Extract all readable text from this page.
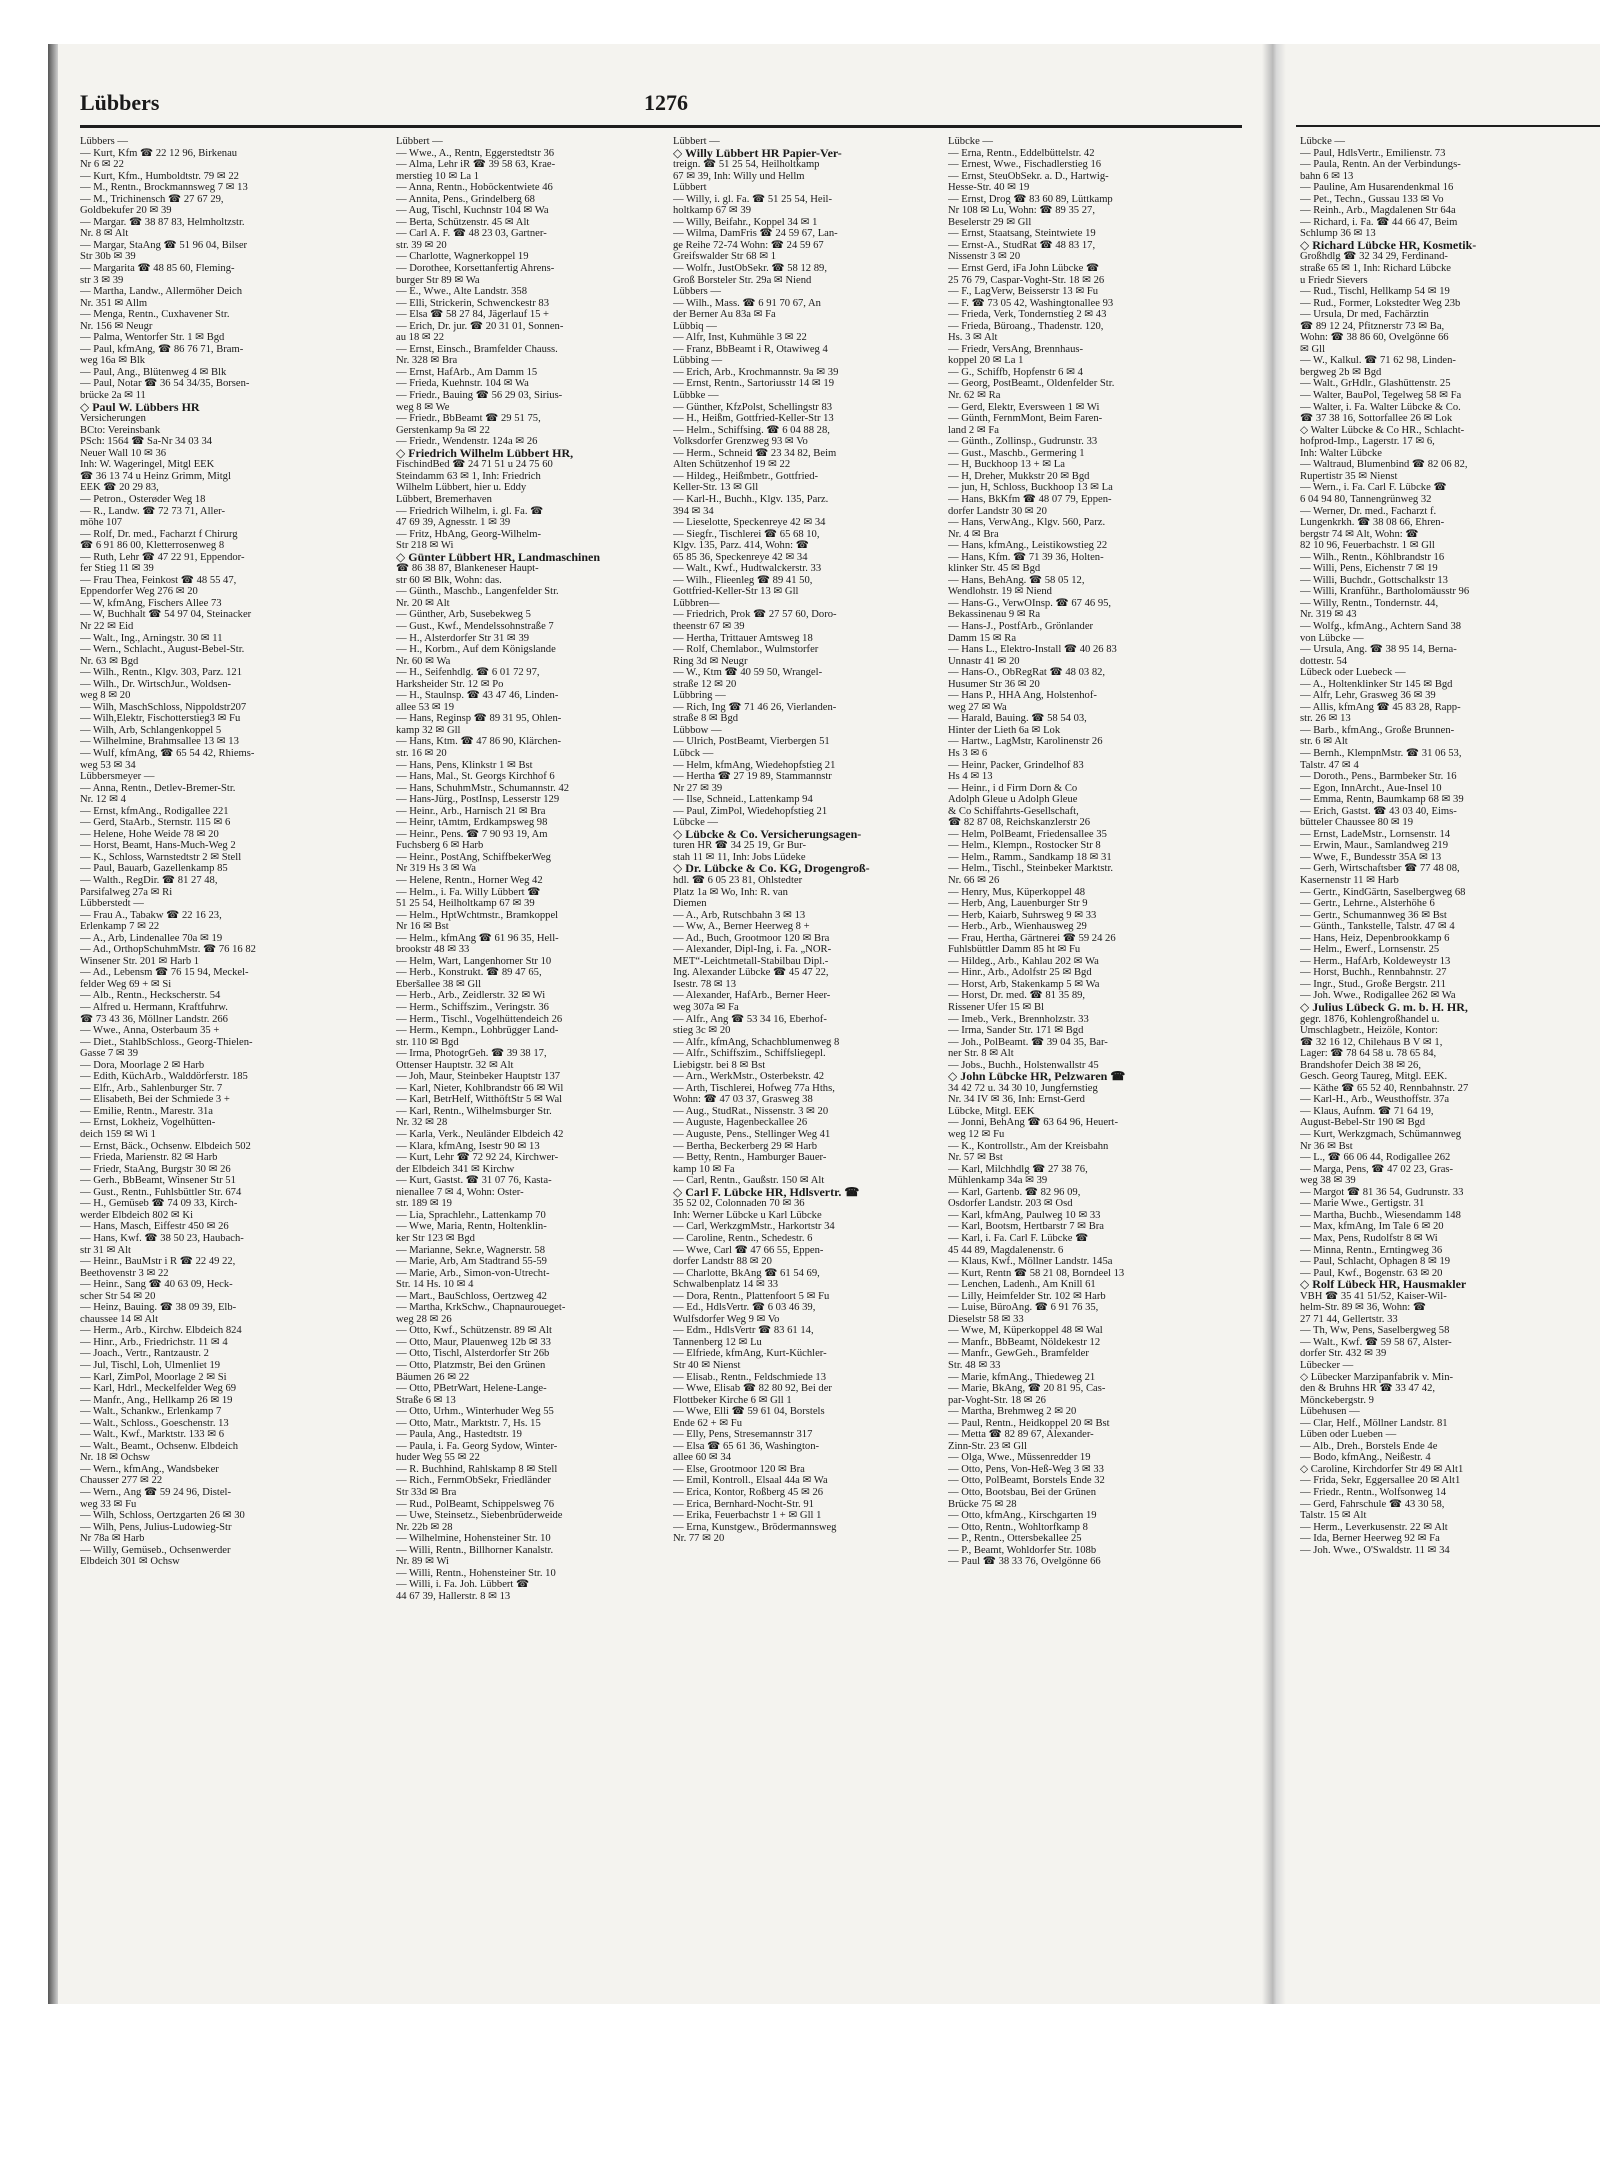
Lübbers	1276
Lübbers —
— Kurt, Kfm ☎ 22 12 96, Birkenau
Nr 6 ✉ 22
— Kurt, Kfm., Humboldtstr. 79 ✉ 22
— M., Rentn., Brockmannsweg 7 ✉ 13
— M., Trichinensch ☎ 27 67 29,
Goldbekufer 20 ✉ 39
— Margar. ☎ 38 87 83, Helmholtzstr.
Nr. 8 ✉ Alt
— Margar, StaAng ☎ 51 96 04, Bilser
Str 30b ✉ 39
— Margarita ☎ 48 85 60, Fleming-
str 3 ✉ 39
— Martha, Landw., Allermöher Deich
Nr. 351 ✉ Allm
— Menga, Rentn., Cuxhavener Str.
Nr. 156 ✉ Neugr
— Palma, Wentorfer Str. 1 ✉ Bgd
— Paul, kfmAng, ☎ 86 76 71, Bram-
weg 16a ✉ Blk
— Paul, Ang., Blütenweg 4 ✉ Blk
— Paul, Notar ☎ 36 54 34/35, Borsen-
brücke 2a ✉ 11
◇ Paul W. Lübbers HR
Versicherungen
BCto: Vereinsbank
PSch: 1564 ☎ Sa-Nr 34 03 34
Neuer Wall 10 ✉ 36
Inh: W. Wageringel, Mitgl EEK
☎ 36 13 74 u Heinz Grimm, Mitgl
EEK ☎ 20 29 83,
— Petron., Osterøder Weg 18
— R., Landw. ☎ 72 73 71, Aller-
möhe 107
— Rolf, Dr. med., Facharzt f Chirurg
☎ 6 91 86 00, Kletterrosenweg 8
— Ruth, Lehr ☎ 47 22 91, Eppendor-
fer Stieg 11 ✉ 39
— Frau Thea, Feinkost ☎ 48 55 47,
Eppendorfer Weg 276 ✉ 20
— W, kfmAng, Fischers Allee 73
— W, Buchhalt ☎ 54 97 04, Steinacker
Nr 22 ✉ Eid
— Walt., Ing., Arningstr. 30 ✉ 11
— Wern., Schlacht., August-Bebel-Str.
Nr. 63 ✉ Bgd
— Wilh., Rentn., Klgv. 303, Parz. 121
— Wilh., Dr. WirtschJur., Woldsen-
weg 8 ✉ 20
— Wilh, MaschSchloss, Nippoldstr207
— Wilh,Elektr, Fischotterstieg3 ✉ Fu
— Wilh, Arb, Schlangenkoppel 5
— Wilhelmine, Brahmsallee 13 ✉ 13
— Wulf, kfmAng, ☎ 65 54 42, Rhiems-
weg 53 ✉ 34
Lübbersmeyer —
— Anna, Rentn., Detlev-Bremer-Str.
Nr. 12 ✉ 4
— Ernst, kfmAng., Rodigallee 221
— Gerd, StaArb., Sternstr. 115 ✉ 6
— Helene, Hohe Weide 78 ✉ 20
— Horst, Beamt, Hans-Much-Weg 2
— K., Schloss, Warnstedtstr 2 ✉ Stell
— Paul, Bauarb, Gazellenkamp 85
— Walth., RegDir. ☎ 81 27 48,
Parsifalweg 27a ✉ Ri
Lübberstedt —
— Frau A., Tabakw ☎ 22 16 23,
Erlenkamp 7 ✉ 22
— A., Arb, Lindenallee 70a ✉ 19
— Ad., OrthopSchuhmMstr. ☎ 76 16 82
Winsener Str. 201 ✉ Harb 1
— Ad., Lebensm ☎ 76 15 94, Meckel-
felder Weg 69 + ✉ Si
— Alb., Rentn., Heckscherstr. 54
— Alfred u. Hermann, Kraftfuhrw.
☎ 73 43 36, Möllner Landstr. 266
— Wwe., Anna, Osterbaum 35 +
— Diet., StahlbSchloss., Georg-Thielen-
Gasse 7 ✉ 39
— Dora, Moorlage 2 ✉ Harb
— Edith, KüchArb., Walddörferstr. 185
— Elfr., Arb., Sahlenburger Str. 7
— Elisabeth, Bei der Schmiede 3 +
— Emilie, Rentn., Marestr. 31a
— Ernst, Lokheiz, Vogelhütten-
deich 159 ✉ Wi 1
— Ernst, Bäck., Ochsenw. Elbdeich 502
— Frieda, Marienstr. 82 ✉ Harb
— Friedr, StaAng, Burgstr 30 ✉ 26
— Gerh., BbBeamt, Winsener Str 51
— Gust., Rentn., Fuhlsbüttler Str. 674
— H., Gemüseb ☎ 74 09 33, Kirch-
werder Elbdeich 802 ✉ Ki
— Hans, Masch, Eiffestr 450 ✉ 26
— Hans, Kwf. ☎ 38 50 23, Haubach-
str 31 ✉ Alt
— Heinr., BauMstr i R ☎ 22 49 22,
Beethovenstr 3 ✉ 22
— Heinr., Sang ☎ 40 63 09, Heck-
scher Str 54 ✉ 20
— Heinz, Bauing. ☎ 38 09 39, Elb-
chaussee 14 ✉ Alt
— Herm., Arb., Kirchw. Elbdeich 824
— Hinr., Arb., Friedrichstr. 11 ✉ 4
— Joach., Vertr., Rantzaustr. 2
— Jul, Tischl, Loh, Ulmenliet 19
— Karl, ZimPol, Moorlage 2 ✉ Si
— Karl, Hdrl., Meckelfelder Weg 69
— Manfr., Ang., Hellkamp 26 ✉ 19
— Walt., Schankw., Erlenkamp 7
— Walt., Schloss., Goeschenstr. 13
— Walt., Kwf., Marktstr. 133 ✉ 6
— Walt., Beamt., Ochsenw. Elbdeich
Nr. 18 ✉ Ochsw
— Wern., kfmAng., Wandsbeker
Chausser 277 ✉ 22
— Wern., Ang ☎ 59 24 96, Distel-
weg 33 ✉ Fu
— Wilh, Schloss, Oertzgarten 26 ✉ 30
— Wilh, Pens, Julius-Ludowieg-Str
Nr 78a ✉ Harb
— Willy, Gemüseb., Ochsenwerder
Elbdeich 301 ✉ Ochsw
Lübbert —
— Wwe., A., Rentn, Eggerstedtstr 36
— Alma, Lehr iR ☎ 39 58 63, Krae-
merstieg 10 ✉ La 1
— Anna, Rentn., Hoböckentwiete 46
— Annita, Pens., Grindelberg 68
— Aug, Tischl, Kuchnstr 104 ✉ Wa
— Berta, Schützenstr. 45 ✉ Alt
— Carl A. F. ☎ 48 23 03, Gartner-
str. 39 ✉ 20
— Charlotte, Wagnerkoppel 19
— Dorothee, Korsettanfertig Ahrens-
burger Str 89 ✉ Wa
— E., Wwe., Alte Landstr. 358
— Elli, Strickerin, Schwenckestr 83
— Elsa ☎ 58 27 84, Jägerlauf 15 +
— Erich, Dr. jur. ☎ 20 31 01, Sonnen-
au 18 ✉ 22
— Ernst, Einsch., Bramfelder Chauss.
Nr. 328 ✉ Bra
— Ernst, HafArb., Am Damm 15
— Frieda, Kuehnstr. 104 ✉ Wa
— Friedr., Bauing ☎ 56 29 03, Sirius-
weg 8 ✉ We
— Friedr., BbBeamt ☎ 29 51 75,
Gerstenkamp 9a ✉ 22
— Friedr., Wendenstr. 124a ✉ 26
◇ Friedrich Wilhelm Lübbert HR,
FischindBed ☎ 24 71 51 u 24 75 60
Steindamm 63 ✉ 1, Inh: Friedrich
Wilhelm Lübbert, hier u. Eddy
Lübbert, Bremerhaven
— Friedrich Wilhelm, i. gl. Fa. ☎
47 69 39, Agnesstr. 1 ✉ 39
— Fritz, HbAng, Georg-Wilhelm-
Str 218 ✉ Wi
◇ Günter Lübbert HR, Landmaschinen
☎ 86 38 87, Blankeneser Haupt-
str 60 ✉ Blk, Wohn: das.
— Günth., Maschb., Langenfelder Str.
Nr. 20 ✉ Alt
— Günther, Arb, Susebekweg 5
— Gust., Kwf., Mendelssohnstraße 7
— H., Alsterdorfer Str 31 ✉ 39
— H., Korbm., Auf dem Königslande
Nr. 60 ✉ Wa
— H., Seifenhdlg. ☎ 6 01 72 97,
Harksheider Str. 12 ✉ Po
— H., Staulnsp. ☎ 43 47 46, Linden-
allee 53 ✉ 19
— Hans, Reginsp ☎ 89 31 95, Ohlen-
kamp 32 ✉ Gll
— Hans, Ktm. ☎ 47 86 90, Klärchen-
str. 16 ✉ 20
— Hans, Pens, Klinkstr 1 ✉ Bst
— Hans, Mal., St. Georgs Kirchhof 6
— Hans, SchuhmMstr., Schumannstr. 42
— Hans-Jürg., PostInsp, Lesserstr 129
— Heinr., Arb., Harnisch 21 ✉ Bra
— Heinr, tAmtm, Erdkampsweg 98
— Heinr., Pens. ☎ 7 90 93 19, Am
Fuchsberg 6 ✉ Harb
— Heinr., PostAng, SchiffbekerWeg
Nr 319 Hs 3 ✉ Wa
— Helene, Rentn., Horner Weg 42
— Helm., i. Fa. Willy Lübbert ☎
51 25 54, Heilholtkamp 67 ✉ 39
— Helm., HptWchtmstr., Bramkoppel
Nr 16 ✉ Bst
— Helm., kfmAng ☎ 61 96 35, Hell-
brookstr 48 ✉ 33
— Helm, Wart, Langenhorner Str 10
— Herb., Konstrukt. ☎ 89 47 65,
Eberšallee 38 ✉ Gll
— Herb., Arb., Zeidlerstr. 32 ✉ Wi
— Herm., Schiffszim., Veringstr. 36
— Herm., Tischl., Vogelhüttendeich 26
— Herm., Kempn., Lohbrügger Land-
str. 110 ✉ Bgd
— Irma, PhotogrGeh. ☎ 39 38 17,
Ottenser Hauptstr. 32 ✉ Alt
— Joh, Maur, Steinbeker Hauptstr 137
— Karl, Nieter, Kohlbrandstr 66 ✉ Wil
— Karl, BetrHelf, WitthöftStr 5 ✉ Wal
— Karl, Rentn., Wilhelmsburger Str.
Nr. 32 ✉ 28
— Karla, Verk., Neuländer Elbdeich 42
— Klara, kfmAng, Isestr 90 ✉ 13
— Kurt, Lehr ☎ 72 92 24, Kirchwer-
der Elbdeich 341 ✉ Kirchw
— Kurt, Gastst. ☎ 31 07 76, Kasta-
nienallee 7 ✉ 4, Wohn: Oster-
str. 189 ✉ 19
— Lia, Sprachlehr., Lattenkamp 70
— Wwe, Maria, Rentn, Holtenklin-
ker Str 123 ✉ Bgd
— Marianne, Sekr.e, Wagnerstr. 58
— Marie, Arb, Am Stadtrand 55-59
— Marie, Arb., Simon-von-Utrecht-
Str. 14 Hs. 10 ✉ 4
— Mart., BauSchloss, Oertzweg 42
— Martha, KrkSchw., Chapnauroueget-
weg 28 ✉ 26
— Otto, Kwf., Schützenstr. 89 ✉ Alt
— Otto, Maur, Plauenweg 12b ✉ 33
— Otto, Tischl, Alsterdorfer Str 26b
— Otto, Platzmstr, Bei den Grünen
Bäumen 26 ✉ 22
— Otto, PBetrWart, Helene-Lange-
Straße 6 ✉ 13
— Otto, Urhm., Winterhuder Weg 55
— Otto, Matr., Marktstr. 7, Hs. 15
— Paula, Ang., Hastedtstr. 19
— Paula, i. Fa. Georg Sydow, Winter-
huder Weg 55 ✉ 22
— R. Buchhind, Rahlskamp 8 ✉ Stell
— Rich., FernmObSekr, Friedländer
Str 33d ✉ Bra
— Rud., PolBeamt, Schippelsweg 76
— Uwe, Steinsetz., Siebenbrüderweide
Nr. 22b ✉ 28
— Wilhelmine, Hohensteiner Str. 10
— Willi, Rentn., Billhorner Kanalstr.
Nr. 89 ✉ Wi
— Willi, Rentn., Hohensteiner Str. 10
— Willi, i. Fa. Joh. Lübbert ☎
44 67 39, Hallerstr. 8 ✉ 13
Lübbert —
◇ Willy Lübbert HR Papier-Ver-
treign. ☎ 51 25 54, Heilholtkamp
67 ✉ 39, Inh: Willy und Hellm
Lübbert
— Willy, i. gl. Fa. ☎ 51 25 54, Heil-
holtkamp 67 ✉ 39
— Willy, Beifahr., Koppel 34 ✉ 1
— Wilma, DamFris ☎ 24 59 67, Lan-
ge Reihe 72-74 Wohn: ☎ 24 59 67
Greifswalder Str 68 ✉ 1
— Wolfr., JustObSekr. ☎ 58 12 89,
Groß Borsteler Str. 29a ✉ Niend
Lübbers —
— Wilh., Mass. ☎ 6 91 70 67, An
der Berner Au 83a ✉ Fa
Lübbiq —
— Alfr, Inst, Kuhmühle 3 ✉ 22
— Franz, BbBeamt i R, Otawiweg 4
Lübbing —
— Erich, Arb., Krochmannstr. 9a ✉ 39
— Ernst, Rentn., Sartoriusstr 14 ✉ 19
Lübbke —
— Günther, KfzPolst, Schellingstr 83
— H., Heißm, Gottfried-Keller-Str 13
— Helm., Schiffsing. ☎ 6 04 88 28,
Volksdorfer Grenzweg 93 ✉ Vo
— Herm., Schneid ☎ 23 34 82, Beim
Alten Schützenhof 19 ✉ 22
— Hildeg., Heißmbetr., Gottfried-
Keller-Str. 13 ✉ Gll
— Karl-H., Buchh., Klgv. 135, Parz.
394 ✉ 34
— Lieselotte, Speckenreye 42 ✉ 34
— Siegfr., Tischlerei ☎ 65 68 10,
Klgv. 135, Parz. 414, Wohn: ☎
65 85 36, Speckenreye 42 ✉ 34
— Walt., Kwf., Hudtwalckerstr. 33
— Wilh., Flieenleg ☎ 89 41 50,
Gottfried-Keller-Str 13 ✉ Gll
Lübbren—
— Friedrich, Prok ☎ 27 57 60, Doro-
theenstr 67 ✉ 39
— Hertha, Trittauer Amtsweg 18
— Rolf, Chemlabor., Wulmstorfer
Ring 3d ✉ Neugr
— W., Ktm ☎ 40 59 50, Wrangel-
straße 12 ✉ 20
Lübbring —
— Rich, Ing ☎ 71 46 26, Vierlanden-
straße 8 ✉ Bgd
Lübbow —
— Ulrich, PostBeamt, Vierbergen 51
Lübck —
— Helm, kfmAng, Wiedehopfstieg 21
— Hertha ☎ 27 19 89, Stammannstr
Nr 27 ✉ 39
— Ilse, Schneid., Lattenkamp 94
— Paul, ZimPol, Wiedehopfstieg 21
Lübcke —
◇ Lübcke & Co. Versicherungsagen-
turen HR ☎ 34 25 19, Gr Bur-
stah 11 ✉ 11, Inh: Jobs Lüdeke
◇ Dr. Lübcke & Co. KG, Drogengroß-
hdl. ☎ 6 05 23 81, Ohlstedter
Platz 1a ✉ Wo, Inh: R. van
Diemen
— A., Arb, Rutschbahn 3 ✉ 13
— Ww, A., Berner Heerweg 8 +
— Ad., Buch, Grootmoor 120 ✉ Bra
— Alexander, Dipl-Ing, i. Fa. „NOR-
MET“-Leichtmetall-Stabilbau Dipl.-
Ing. Alexander Lübcke ☎ 45 47 22,
Isestr. 78 ✉ 13
— Alexander, HafArb., Berner Heer-
weg 307a ✉ Fa
— Alfr., Ang ☎ 53 34 16, Eberhof-
stieg 3c ✉ 20
— Alfr., kfmAng, Schachblumenweg 8
— Alfr., Schiffszim., Schiffsliegepl.
Liebigstr. bei 8 ✉ Bst
— Arn., WerkMstr., Osterbekstr. 42
— Arth, Tischlerei, Hofweg 77a Hths,
Wohn: ☎ 47 03 37, Grasweg 38
— Aug., StudRat., Nissenstr. 3 ✉ 20
— Auguste, Hagenbeckallee 26
— Auguste, Pens., Stellinger Weg 41
— Bertha, Beckerberg 29 ✉ Harb
— Betty, Rentn., Hamburger Bauer-
kamp 10 ✉ Fa
— Carl, Rentn., Gaußstr. 150 ✉ Alt
◇ Carl F. Lübcke HR, Hdlsvertr. ☎
35 52 02, Colonnaden 70 ✉ 36
Inh: Werner Lübcke u Karl Lübcke
— Carl, WerkzgmMstr., Harkortstr 34
— Caroline, Rentn., Schedestr. 6
— Wwe, Carl ☎ 47 66 55, Eppen-
dorfer Landstr 88 ✉ 20
— Charlotte, BkAng ☎ 61 54 69,
Schwalbenplatz 14 ✉ 33
— Dora, Rentn., Plattenfoort 5 ✉ Fu
— Ed., HdlsVertr. ☎ 6 03 46 39,
Wulfsdorfer Weg 9 ✉ Vo
— Edm., HdlsVertr ☎ 83 61 14,
Tannenberg 12 ✉ Lu
— Elfriede, kfmAng, Kurt-Küchler-
Str 40 ✉ Nienst
— Elisab., Rentn., Feldschmiede 13
— Wwe, Elisab ☎ 82 80 92, Bei der
Flottbeker Kirche 6 ✉ Gll 1
— Wwe, Elli ☎ 59 61 04, Borstels
Ende 62 + ✉ Fu
— Elly, Pens, Stresemannstr 317
— Elsa ☎ 65 61 36, Washington-
allee 60 ✉ 34
— Else, Grootmoor 120 ✉ Bra
— Emil, Kontroll., Elsaal 44a ✉ Wa
— Erica, Kontor, Roßberg 45 ✉ 26
— Erica, Bernhard-Nocht-Str. 91
— Erika, Feuerbachstr 1 + ✉ Gll 1
— Erna, Kunstgew., Brödermannsweg
Nr. 77 ✉ 20
Lübcke —
— Erna, Rentn., Eddelbüttelstr. 42
— Ernest, Wwe., Fischadlerstieg 16
— Ernst, SteuObSekr. a. D., Hartwig-
Hesse-Str. 40 ✉ 19
— Ernst, Drog ☎ 83 60 89, Lüttkamp
Nr 108 ✉ Lu, Wohn: ☎ 89 35 27,
Beselerstr 29 ✉ Gll
— Ernst, Staatsang, Steintwiete 19
— Ernst-A., StudRat ☎ 48 83 17,
Nissenstr 3 ✉ 20
— Ernst Gerd, iFa John Lübcke ☎
25 76 79, Caspar-Voght-Str. 18 ✉ 26
— F., LagVerw, Beisserstr 13 ✉ Fu
— F. ☎ 73 05 42, Washingtonallee 93
— Frieda, Verk, Tondernstieg 2 ✉ 43
— Frieda, Büroang., Thadenstr. 120,
Hs. 3 ✉ Alt
— Friedr, VersAng, Brennhaus-
koppel 20 ✉ La 1
— G., Schiffb, Hopfenstr 6 ✉ 4
— Georg, PostBeamt., Oldenfelder Str.
Nr. 62 ✉ Ra
— Gerd, Elektr, Eversween 1 ✉ Wi
— Günth, FernmMont, Beim Faren-
land 2 ✉ Fa
— Günth., Zollinsp., Gudrunstr. 33
— Gust., Maschb., Germering 1
— H, Buckhoop 13 + ✉ La
— H, Dreher, Mukkstr 20 ✉ Bgd
— jun, H, Schloss, Buckhoop 13 ✉ La
— Hans, BkKfm ☎ 48 07 79, Eppen-
dorfer Landstr 30 ✉ 20
— Hans, VerwAng., Klgv. 560, Parz.
Nr. 4 ✉ Bra
— Hans, kfmAng., Leistikowstieg 22
— Hans, Kfm. ☎ 71 39 36, Holten-
klinker Str. 45 ✉ Bgd
— Hans, BehAng. ☎ 58 05 12,
Wendlohstr. 19 ✉ Niend
— Hans-G., VerwOInsp. ☎ 67 46 95,
Bekassinenau 9 ✉ Ra
— Hans-J., PostfArb., Grönlander
Damm 15 ✉ Ra
— Hans L., Elektro-Install ☎ 40 26 83
Unnastr 41 ✉ 20
— Hans-O., ObRegRat ☎ 48 03 82,
Husumer Str 36 ✉ 20
— Hans P., HHA Ang, Holstenhof-
weg 27 ✉ Wa
— Harald, Bauing. ☎ 58 54 03,
Hinter der Lieth 6a ✉ Lok
— Hartw., LagMstr, Karolinenstr 26
Hs 3 ✉ 6
— Heinr, Packer, Grindelhof 83
Hs 4 ✉ 13
— Heinr., i d Firm Dorn & Co
Adolph Gleue u Adolph Gleue
& Co Schiffahrts-Gesellschaft,
☎ 82 87 08, Reichskanzlerstr 26
— Helm, PolBeamt, Friedensallee 35
— Helm., Klempn., Rostocker Str 8
— Helm., Ramm., Sandkamp 18 ✉ 31
— Helm., Tischl., Steinbeker Marktstr.
Nr. 66 ✉ 26
— Henry, Mus, Küperkoppel 48
— Herb, Ang, Lauenburger Str 9
— Herb, Kaiarb, Suhrsweg 9 ✉ 33
— Herb., Arb., Wienhausweg 29
— Frau, Hertha, Gärtnerei ☎ 59 24 26
Fuhlsbüttler Damm 85 ht ✉ Fu
— Hildeg., Arb., Kahlau 202 ✉ Wa
— Hinr., Arb., Adolfstr 25 ✉ Bgd
— Horst, Arb, Stakenkamp 5 ✉ Wa
— Horst, Dr. med. ☎ 81 35 89,
Rissener Ufer 15 ✉ Bl
— Imeb., Verk., Brennholzstr. 33
— Irma, Sander Str. 171 ✉ Bgd
— Joh., PolBeamt. ☎ 39 04 35, Bar-
ner Str. 8 ✉ Alt
— Jobs., Buchh., Holstenwallstr 45
◇ John Lübcke HR, Pelzwaren ☎
34 42 72 u. 34 30 10, Jungfernstieg
Nr. 34 IV ✉ 36, Inh: Ernst-Gerd
Lübcke, Mitgl. EEK
— Jonni, BehAng ☎ 63 64 96, Heuert-
weg 12 ✉ Fu
— K., Kontrollstr., Am der Kreisbahn
Nr. 57 ✉ Bst
— Karl, Milchhdlg ☎ 27 38 76,
Mühlenkamp 34a ✉ 39
— Karl, Gartenb. ☎ 82 96 09,
Osdorfer Landstr. 203 ✉ Osd
— Karl, kfmAng, Paulweg 10 ✉ 33
— Karl, Bootsm, Hertbarstr 7 ✉ Bra
— Karl, i. Fa. Carl F. Lübcke ☎
45 44 89, Magdalenenstr. 6
— Klaus, Kwf., Möllner Landstr. 145a
— Kurt, Rentn ☎ 58 21 08, Borndeel 13
— Lenchen, Ladenh., Am Knill 61
— Lilly, Heimfelder Str. 102 ✉ Harb
— Luise, BüroAng. ☎ 6 91 76 35,
Dieselstr 58 ✉ 33
— Wwe, M, Küperkoppel 48 ✉ Wal
— Manfr., BbBeamt, Nöldekestr 12
— Manfr., GewGeh., Bramfelder
Str. 48 ✉ 33
— Marie, kfmAng., Thiedeweg 21
— Marie, BkAng, ☎ 20 81 95, Cas-
par-Voght-Str. 18 ✉ 26
— Martha, Brehmweg 2 ✉ 20
— Paul, Rentn., Heidkoppel 20 ✉ Bst
— Metta ☎ 82 89 67, Alexander-
Zinn-Str. 23 ✉ Gll
— Olga, Wwe., Müssenredder 19
— Otto, Pens, Von-Heß-Weg 3 ✉ 33
— Otto, PolBeamt, Borstels Ende 32
— Otto, Bootsbau, Bei der Grünen
Brücke 75 ✉ 28
— Otto, kfmAng., Kirschgarten 19
— Otto, Rentn., Wohltorfkamp 8
— P., Rentn., Ottersbekallee 25
— P., Beamt, Wohldorfer Str. 108b
— Paul ☎ 38 33 76, Ovelgönne 66
Lübcke —
— Paul, HdlsVertr., Emilienstr. 73
— Paula, Rentn. An der Verbindungs-
bahn 6 ✉ 13
— Pauline, Am Husarendenkmal 16
— Pet., Techn., Gussau 133 ✉ Vo
— Reinh., Arb., Magdalenen Str 64a
— Richard, i. Fa. ☎ 44 66 47, Beim
Schlump 36 ✉ 13
◇ Richard Lübcke HR, Kosmetik-
Großhdlg ☎ 32 34 29, Ferdinand-
straße 65 ✉ 1, Inh: Richard Lübcke
u Friedr Sievers
— Rud., Tischl, Hellkamp 54 ✉ 19
— Rud., Former, Lokstedter Weg 23b
— Ursula, Dr med, Fachärztin
☎ 89 12 24, Pfitznerstr 73 ✉ Ba,
Wohn: ☎ 38 86 60, Ovelgönne 66
✉ Gll
— W., Kalkul. ☎ 71 62 98, Linden-
bergweg 2b ✉ Bgd
— Walt., GrHdlr., Glashüttenstr. 25
— Walter, BauPol, Tegelweg 58 ✉ Fa
— Walter, i. Fa. Walter Lübcke & Co.
☎ 37 38 16, Sottorfallee 26 ✉ Lok
◇ Walter Lübcke & Co HR., Schlacht-
hofprod-Imp., Lagerstr. 17 ✉ 6,
Inh: Walter Lübcke
— Waltraud, Blumenbind ☎ 82 06 82,
Rupertistr 35 ✉ Nienst
— Wern., i. Fa. Carl F. Lübcke ☎
6 04 94 80, Tannengrünweg 32
— Werner, Dr. med., Facharzt f.
Lungenkrkh. ☎ 38 08 66, Ehren-
bergstr 74 ✉ Alt, Wohn: ☎
82 10 96, Feuerbachstr. 1 ✉ Gll
— Wilh., Rentn., Köhlbrandstr 16
— Willi, Pens, Eichenstr 7 ✉ 19
— Willi, Buchdr., Gottschalkstr 13
— Willi, Kranführ., Bartholomäusstr 96
— Willy, Rentn., Tondernstr. 44,
Nr. 319 ✉ 43
— Wolfg., kfmAng., Achtern Sand 38
von Lübcke —
— Ursula, Ang. ☎ 38 95 14, Berna-
dottestr. 54
Lübeck oder Luebeck —
— A., Holtenklinker Str 145 ✉ Bgd
— Alfr, Lehr, Grasweg 36 ✉ 39
— Allis, kfmAng ☎ 45 83 28, Rapp-
str. 26 ✉ 13
— Barb., kfmAng., Große Brunnen-
str. 6 ✉ Alt
— Bernh., KlempnMstr. ☎ 31 06 53,
Talstr. 47 ✉ 4
— Doroth., Pens., Barmbeker Str. 16
— Egon, InnArcht., Aue-Insel 10
— Emma, Rentn, Baumkamp 68 ✉ 39
— Erich, Gastst. ☎ 43 03 40, Eims-
bütteler Chaussee 80 ✉ 19
— Ernst, LadeMstr., Lornsenstr. 14
— Erwin, Maur., Samlandweg 219
— Wwe, F., Bundesstr 35A ✉ 13
— Gerh, Wirtschaftsber ☎ 77 48 08,
Kasernenstr 11 ✉ Harb
— Gertr., KindGärtn, Saselbergweg 68
— Gertr., Lehrne., Alsterhöhe 6
— Gertr., Schumannweg 36 ✉ Bst
— Günth., Tankstelle, Talstr. 47 ✉ 4
— Hans, Heiz, Depenbrookkamp 6
— Helm., Ewerf., Lornsenstr. 25
— Herm., HafArb, Koldeweystr 13
— Horst, Buchh., Rennbahnstr. 27
— Ingr., Stud., Große Bergstr. 211
— Joh. Wwe., Rodigallee 262 ✉ Wa
◇ Julius Lübeck G. m. b. H. HR,
gegr. 1876, Kohlengroßhandel u.
Umschlagbetr., Heizöle, Kontor:
☎ 32 16 12, Chilehaus B V ✉ 1,
Lager: ☎ 78 64 58 u. 78 65 84,
Brandshofer Deich 38 ✉ 26,
Gesch. Georg Taureg, Mitgl. EEK.
— Käthe ☎ 65 52 40, Rennbahnstr. 27
— Karl-H., Arb., Weusthoffstr. 37a
— Klaus, Aufnm. ☎ 71 64 19,
August-Bebel-Str 190 ✉ Bgd
— Kurt, Werkzgmach, Schümannweg
Nr 36 ✉ Bst
— L., ☎ 66 06 44, Rodigallee 262
— Marga, Pens, ☎ 47 02 23, Gras-
weg 38 ✉ 39
— Margot ☎ 81 36 54, Gudrunstr. 33
— Marie Wwe., Gertigstr. 31
— Martha, Buchb., Wiesendamm 148
— Max, kfmAng, Im Tale 6 ✉ 20
— Max, Pens, Rudolfstr 8 ✉ Wi
— Minna, Rentn., Erntingweg 36
— Paul, Schlacht, Ophagen 8 ✉ 19
— Paul, Kwf., Bogenstr. 63 ✉ 20
◇ Rolf Lübeck HR, Hausmakler
VBH ☎ 35 41 51/52, Kaiser-Wil-
helm-Str. 89 ✉ 36, Wohn: ☎
27 71 44, Gellertstr. 33
— Th, Ww, Pens, Saselbergweg 58
— Walt., Kwf. ☎ 59 58 67, Alster-
dorfer Str. 432 ✉ 39
Lübecker —
◇ Lübecker Marzipanfabrik v. Min-
den & Bruhns HR ☎ 33 47 42,
Mönckebergstr. 9
Lübehusen —
— Clar, Helf., Möllner Landstr. 81
Lüben oder Lueben —
— Alb., Dreh., Borstels Ende 4e
— Bodo, kfmAng., Neißestr. 4
◇ Caroline, Kirchdorfer Str 49 ✉ Alt1
— Frida, Sekr, Eggersallee 20 ✉ Alt1
— Friedr., Rentn., Wolfsonweg 14
— Gerd, Fahrschule ☎ 43 30 58,
Talstr. 15 ✉ Alt
— Herm., Leverkusenstr. 22 ✉ Alt
— Ida, Berner Heerweg 92 ✉ Fa
— Joh. Wwe., O'Swaldstr. 11 ✉ 34
